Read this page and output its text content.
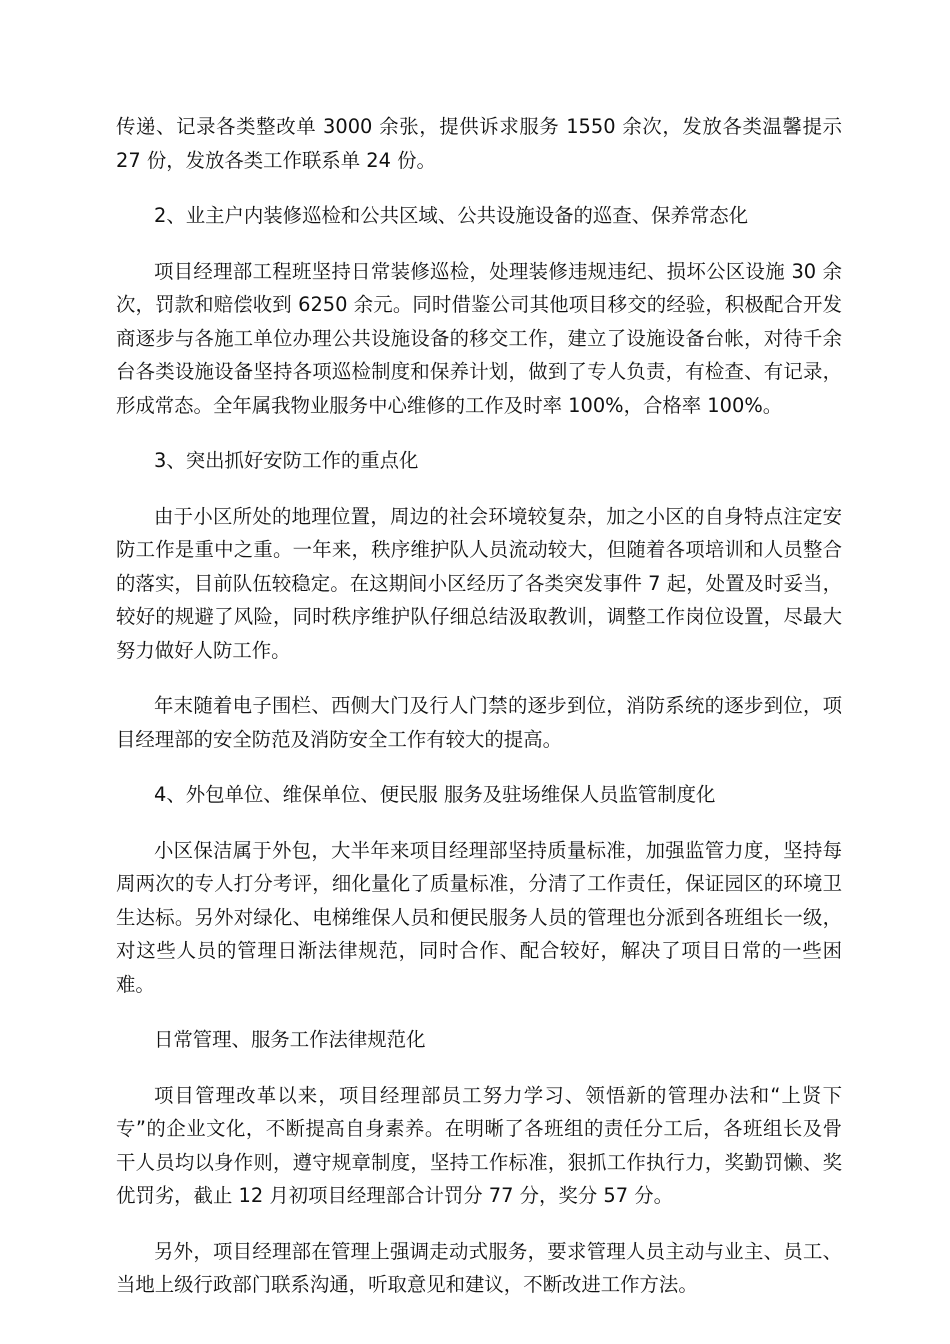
传递、记录各类整改单 3000 余张，提供诉求服务 1550 余次，发放各类温馨提示 27 份，发放各类工作联系单 24 份。

2、业主户内装修巡检和公共区域、公共设施设备的巡查、保养常态化

项目经理部工程班坚持日常装修巡检，处理装修违规违纪、损坏公区设施 30 余次，罚款和赔偿收到 6250 余元。同时借鉴公司其他项目移交的经验，积极配合开发商逐步与各施工单位办理公共设施设备的移交工作，建立了设施设备台帐，对待千余台各类设施设备坚持各项巡检制度和保养计划，做到了专人负责，有检查、有记录，形成常态。全年属我物业服务中心维修的工作及时率 100%，合格率 100%。

3、突出抓好安防工作的重点化

由于小区所处的地理位置，周边的社会环境较复杂，加之小区的自身特点注定安防工作是重中之重。一年来，秩序维护队人员流动较大，但随着各项培训和人员整合的落实，目前队伍较稳定。在这期间小区经历了各类突发事件 7 起，处置及时妥当，较好的规避了风险，同时秩序维护队仔细总结汲取教训，调整工作岗位设置，尽最大努力做好人防工作。

年末随着电子围栏、西侧大门及行人门禁的逐步到位，消防系统的逐步到位，项目经理部的安全防范及消防安全工作有较大的提高。

4、外包单位、维保单位、便民服 服务及驻场维保人员监管制度化

小区保洁属于外包，大半年来项目经理部坚持质量标准，加强监管力度，坚持每周两次的专人打分考评，细化量化了质量标准，分清了工作责任，保证园区的环境卫生达标。另外对绿化、电梯维保人员和便民服务人员的管理也分派到各班组长一级，对这些人员的管理日渐法律规范，同时合作、配合较好，解决了项目日常的一些困难。

日常管理、服务工作法律规范化

项目管理改革以来，项目经理部员工努力学习、领悟新的管理办法和“上贤下专”的企业文化，不断提高自身素养。在明晰了各班组的责任分工后，各班组长及骨干人员均以身作则，遵守规章制度，坚持工作标准，狠抓工作执行力，奖勤罚懒、奖优罚劣，截止 12 月初项目经理部合计罚分 77 分，奖分 57 分。

另外，项目经理部在管理上强调走动式服务，要求管理人员主动与业主、员工、当地上级行政部门联系沟通，听取意见和建议，不断改进工作方法。
